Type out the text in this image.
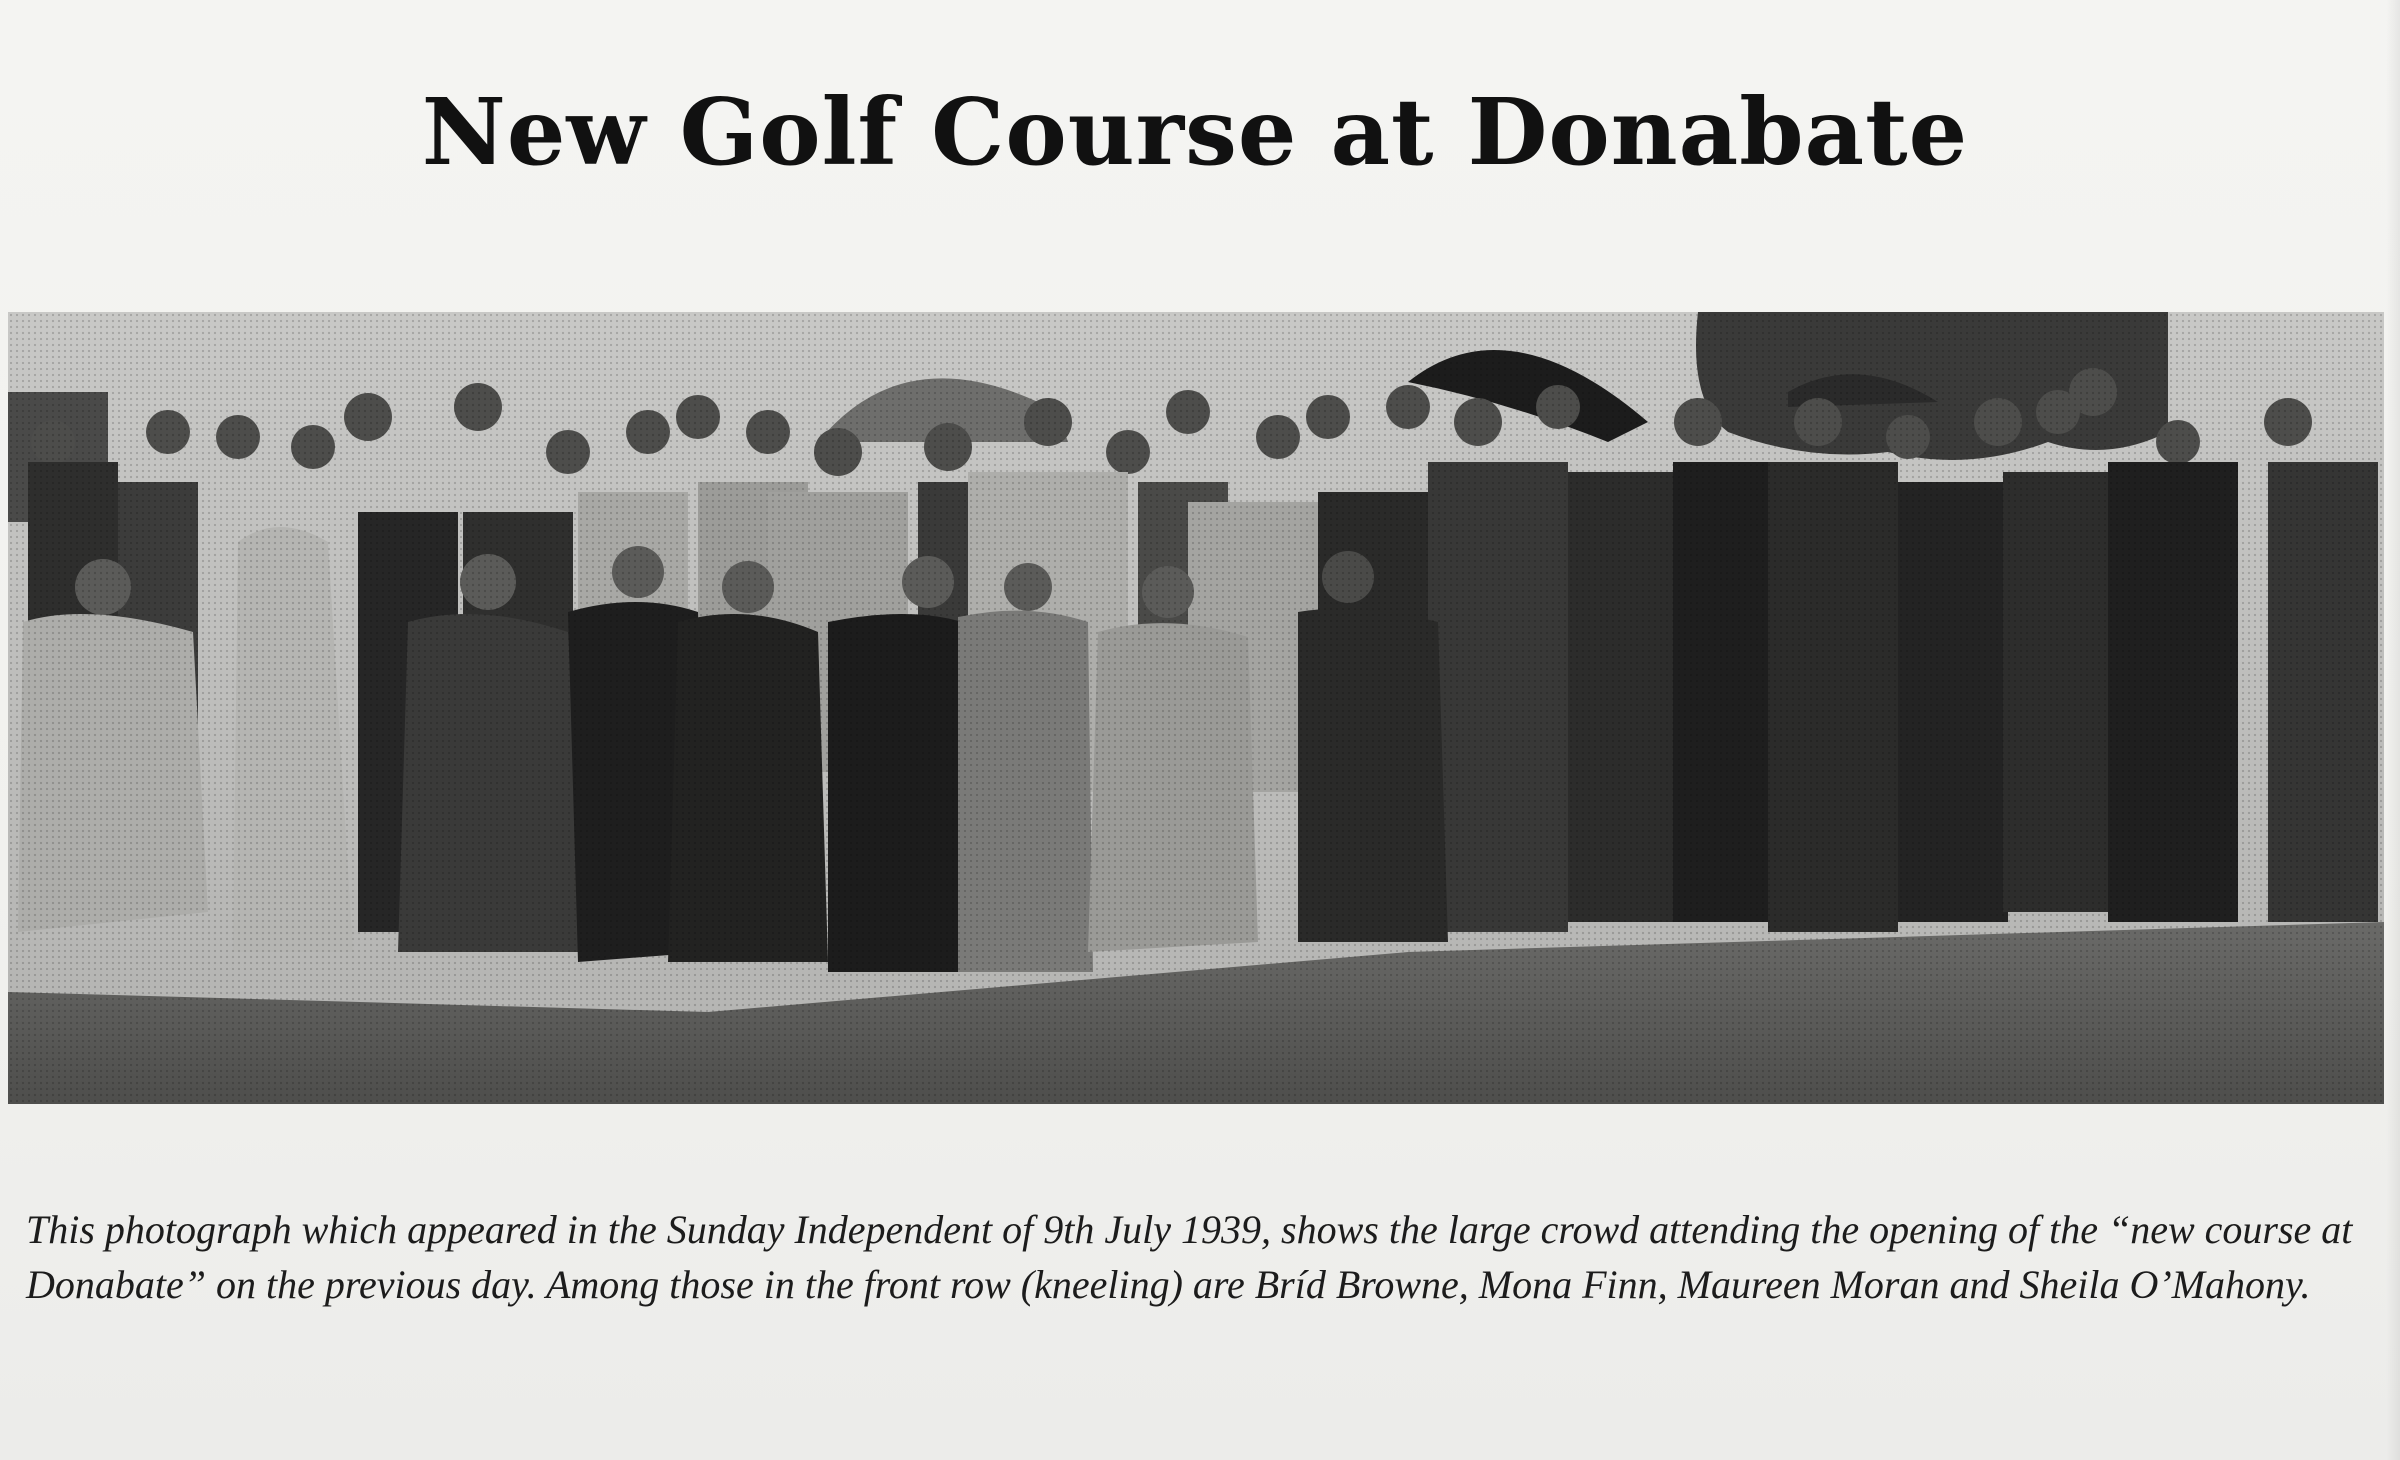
New Golf Course at Donabate

This photograph which appeared in the Sunday Independent of 9th July 1939, shows the large crowd attending the opening of the “new course at Donabate” on the previous day. Among those in the front row (kneeling) are Bríd Browne, Mona Finn, Maureen Moran and Sheila O’Mahony.
